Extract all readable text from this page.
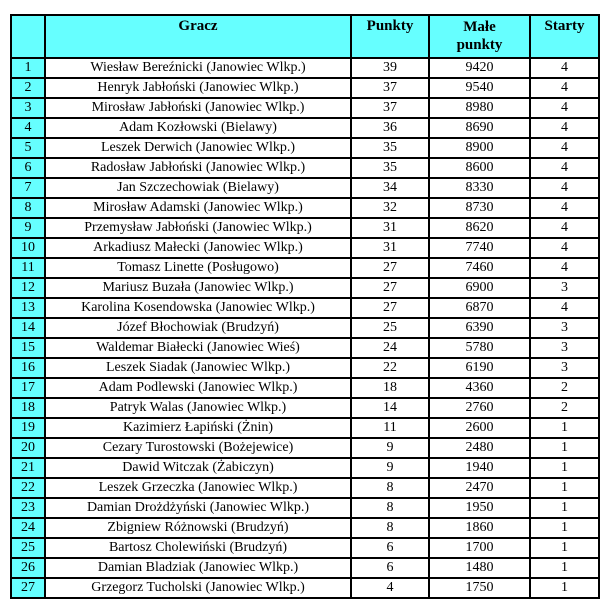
	Gracz	Punkty	Małe punkty	Starty
1	Wiesław Bereźnicki (Janowiec Wlkp.)	39	9420	4
2	Henryk Jabłoński (Janowiec Wlkp.)	37	9540	4
3	Mirosław Jabłoński (Janowiec Wlkp.)	37	8980	4
4	Adam Kozłowski (Bielawy)	36	8690	4
5	Leszek Derwich (Janowiec Wlkp.)	35	8900	4
6	Radosław Jabłoński (Janowiec Wlkp.)	35	8600	4
7	Jan Szczechowiak (Bielawy)	34	8330	4
8	Mirosław Adamski (Janowiec Wlkp.)	32	8730	4
9	Przemysław Jabłoński (Janowiec Wlkp.)	31	8620	4
10	Arkadiusz Małecki (Janowiec Wlkp.)	31	7740	4
11	Tomasz Linette (Posługowo)	27	7460	4
12	Mariusz Buzała (Janowiec Wlkp.)	27	6900	3
13	Karolina Kosendowska (Janowiec Wlkp.)	27	6870	4
14	Józef Błochowiak (Brudzyń)	25	6390	3
15	Waldemar Białecki (Janowiec Wieś)	24	5780	3
16	Leszek Siadak (Janowiec Wlkp.)	22	6190	3
17	Adam Podlewski (Janowiec Wlkp.)	18	4360	2
18	Patryk Walas (Janowiec Wlkp.)	14	2760	2
19	Kazimierz Łapiński (Żnin)	11	2600	1
20	Cezary Turostowski (Bożejewice)	9	2480	1
21	Dawid Witczak (Żabiczyn)	9	1940	1
22	Leszek Grzeczka (Janowiec Wlkp.)	8	2470	1
23	Damian Drożdżyński (Janowiec Wlkp.)	8	1950	1
24	Zbigniew Różnowski (Brudzyń)	8	1860	1
25	Bartosz Cholewiński (Brudzyń)	6	1700	1
26	Damian Bladziak (Janowiec Wlkp.)	6	1480	1
27	Grzegorz Tucholski (Janowiec Wlkp.)	4	1750	1
